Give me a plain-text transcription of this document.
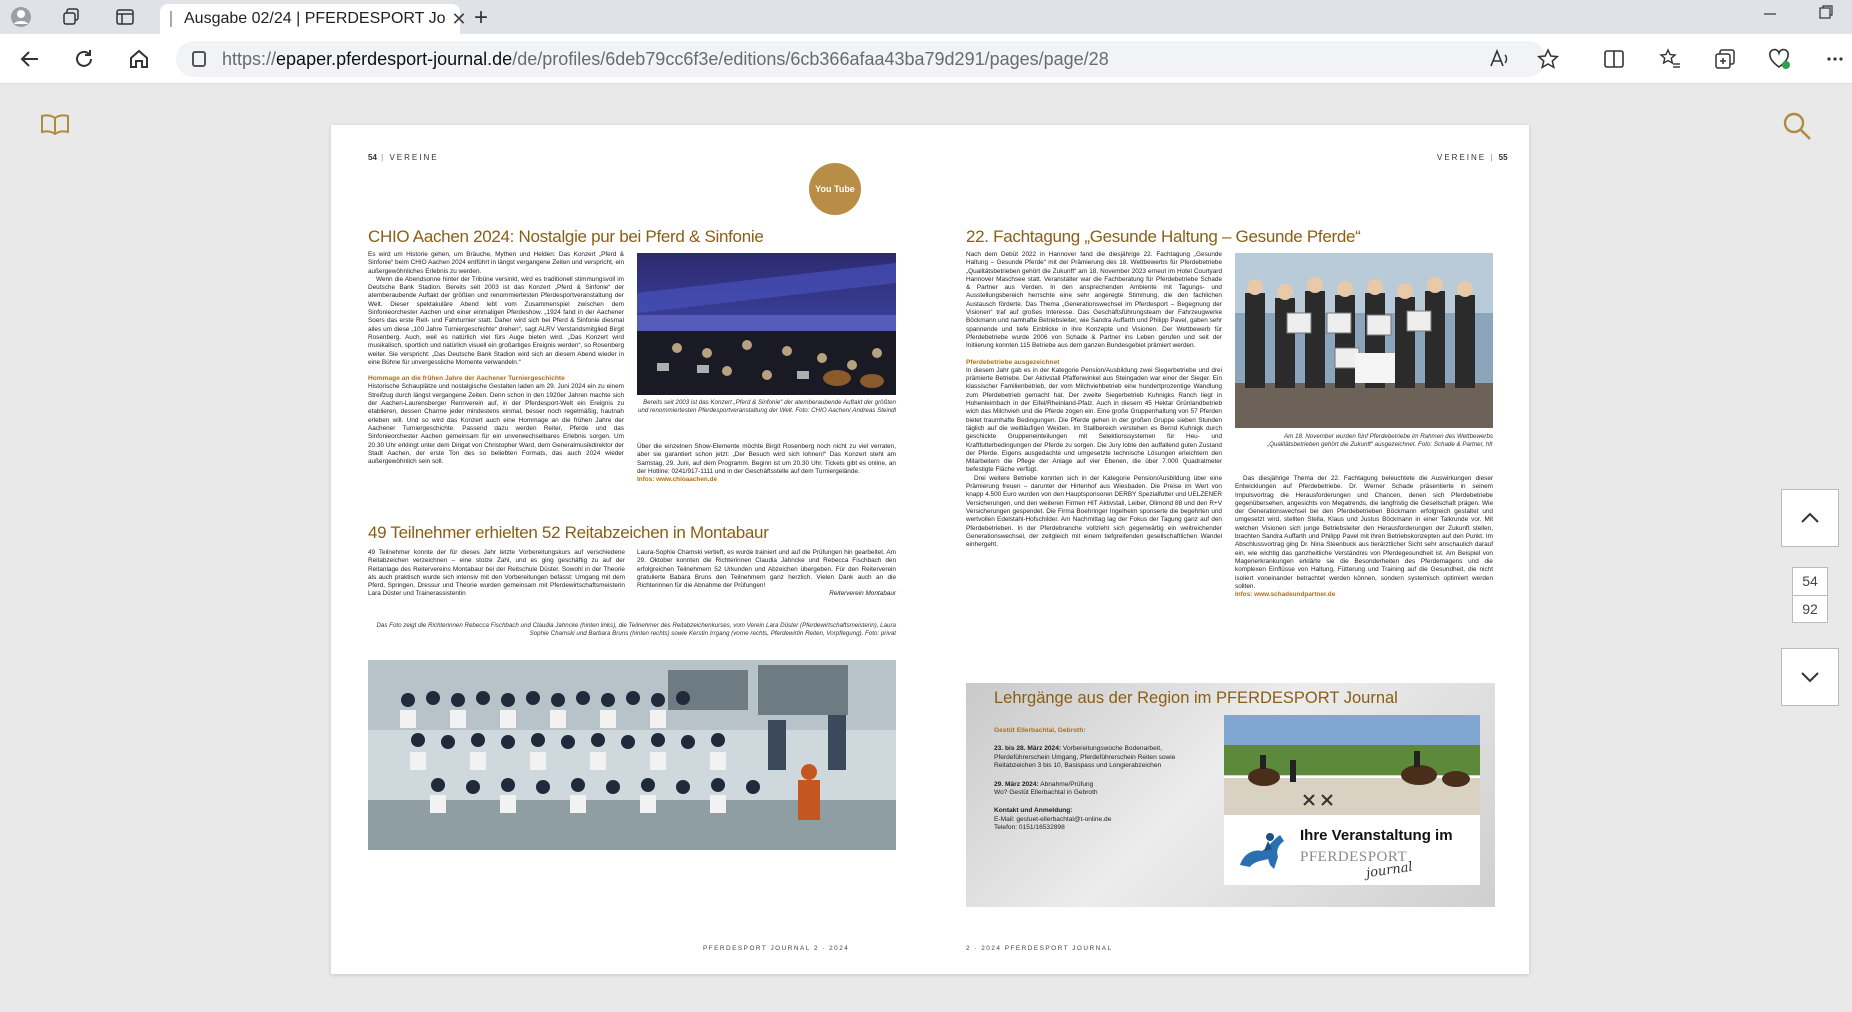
Ausgabe 02/24 | PFERDESPORT Jo ✕ +
https:// epaper.pferdesport-journal.de /de/profiles/6deb79cc6f3e/editions/6cb366afaa43ba79d291/pages/page/28
54 | VEREINE
You Tube
CHIO Aachen 2024: Nostalgie pur bei Pferd & Sinfonie

Es wird um Historie gehen, um Bräuche, Mythen und Helden: Das Konzert „Pferd & Sinfonie“ beim CHIO Aachen 2024 entführt in längst vergangene Zeiten und verspricht, ein außergewöhnliches Erlebnis zu werden.

Wenn die Abendsonne hinter der Tribüne versinkt, wird es traditionell stimmungsvoll im Deutsche Bank Stadion. Bereits seit 2003 ist das Konzert „Pferd & Sinfonie“ der atemberaubende Auftakt der größten und renommiertesten Pferdesportveranstaltung der Welt. Dieser spektakuläre Abend lebt vom Zusammenspiel zwischen dem Sinfonieorchester Aachen und einer einmaligen Pferdeshow. „1924 fand in der Aachener Soers das erste Reit- und Fahrturnier statt. Daher wird sich bei Pferd & Sinfonie diesmal alles um diese „100 Jahre Turniergeschichte“ drehen“, sagt ALRV Verstandsmitglied Birgit Rosenberg. Auch, weil es natürlich viel fürs Auge bieten wird. „Das Konzert wird musikalisch, sportlich und natürlich visuell ein großartiges Ereignis werden“, so Rosenberg weiter. Sie verspricht: „Das Deutsche Bank Stadion wird sich an diesem Abend wieder in eine Bühne für unvergessliche Momente verwandeln.“

Hommage an die frühen Jahre der Aachener Turniergeschichte

Historische Schauplätze und nostalgische Gestalten laden am 29. Juni 2024 ein zu einem Streifzug durch längst vergangene Zeiten. Denn schon in den 1920er Jahren machte sich der Aachen-Laurensberger Rennverein auf, in der Pferdesport-Welt ein Ereignis zu etablieren, dessen Charme jeder mindestens einmal, besser noch regelmäßig, hautnah erleben will. Und so wird das Konzert auch eine Hommage an die frühen Jahre der Aachener Turniergeschichte. Passend dazu werden Reiter, Pferde und das Sinfonieorchester Aachen gemeinsam für ein unverwechselbares Erlebnis sorgen. Um 20.30 Uhr erklingt unter dem Dirigat von Christopher Ward, dem Generalmusikdirektor der Stadt Aachen, der erste Ton des so beliebten Formats, das auch 2024 wieder außergewöhnlich sein soll.

Bereits seit 2003 ist das Konzert „Pferd & Sinfonie“ der atemberaubende Auftakt der größten und renommiertesten Pferdesportveranstaltung der Welt. Foto: CHIO Aachen/ Andreas Steindl

Über die einzelnen Show-Elemente möchte Birgit Rosenberg noch nicht zu viel verraten, aber sie garantiert schon jetzt: „Der Besuch wird sich lohnen!“ Das Konzert steht am Samstag, 29. Juni, auf dem Programm. Beginn ist um 20.30 Uhr. Tickets gibt es online, an der Hotline: 0241/917-1111 und in der Geschäftsstelle auf dem Turniergelände.

Infos: www.chioaachen.de

49 Teilnehmer erhielten 52 Reitabzeichen in Montabaur

49 Teilnehmer konnte der für dieses Jahr letzte Vorbereitungskurs auf verschiedene Reitabzeichen verzeichnen – eine stolze Zahl, und es ging geschäftig zu auf der Reitanlage des Reitervereins Montabaur bei der Reitschule Düster. Sowohl in der Theorie als auch praktisch wurde sich intensiv mit den Vorbereitungen befasst: Umgang mit dem Pferd, Springen, Dressur und Theorie wurden gemeinsam mit Pferdewirtschaftsmeisterin Lara Düster und Trainerassistentin

Laura-Sophie Chamski vertieft, es wurde trainiert und auf die Prüfungen hin gearbeitet. Am 29. Oktober konnten die Richterinnen Claudia Jahncke und Rebecca Fischbach den erfolgreichen Teilnehmern 52 Urkunden und Abzeichen übergeben. Für den Reiterverein gratulierte Babara Bruns den Teilnehmern ganz herzlich. Vielen Dank auch an die Richterinnen für die Abnahme der Prüfungen!

Reiterverein Montabaur

Das Foto zeigt die Richterinnen Rebecca Fischbach und Claudia Jahncke (hinten links), die Teilnehmer des Reitabzeichenkurses, vom Verein Lara Düster (Pferdewirtschaftsmeisterin), Laura Sophie Chamski und Barbara Bruns (hinten rechts) sowie Kerstin Irrgang (vorne rechts, Pferdewirtin Reiten, Vorpflegung). Foto: privat
PFERDESPORT JOURNAL 2 · 2024
VEREINE | 55
22. Fachtagung „Gesunde Haltung – Gesunde Pferde“

Nach dem Debüt 2022 in Hannover fand die diesjährige 22. Fachtagung „Gesunde Haltung – Gesunde Pferde“ mit der Prämierung des 18. Wettbewerbs für Pferdebetriebe „Qualitätsbetrieben gehört die Zukunft“ am 18. November 2023 erneut im Hotel Courtyard Hannover Maschsee statt. Veranstalter war die Fachberatung für Pferdebetriebe Schade & Partner aus Verden. In den ansprechenden Ambiente mit Tagungs- und Ausstellungsbereich herrschte eine sehr angeregte Stimmung, die den fachlichen Austausch förderte. Das Thema „Generationswechsel im Pferdesport – Begegnung der Visionen“ traf auf großes Interesse. Das Geschäftsführungsteam der Fahrzeugwerke Böckmann und namhafte Betriebsleiter, wie Sandra Auffarth und Philipp Pavel, gaben sehr spannende und tiefe Einblicke in ihre Konzepte und Visionen. Der Wettbewerb für Pferdebetriebe wurde 2006 von Schade & Partner ins Leben gerufen und seit der Initiierung konnten 115 Betriebe aus dem ganzen Bundesgebiet prämiert werden.

Pferdebetriebe ausgezeichnet

In diesem Jahr gab es in der Kategorie Pension/Ausbildung zwei Siegerbetriebe und drei prämierte Betriebe. Der Aktivstall Pfaffenwinkel aus Steingaden war einer der Sieger. Ein klassischer Familienbetrieb, der vom Milchviehbetrieb eine hundertprozentige Wandlung zum Pferdebetrieb gemacht hat. Der zweite Siegerbetrieb Kuhnigks Ranch liegt in Hohenleimbach in der Eifel/Rheinland-Pfalz. Auch in diesem 45 Hektar Grünlandbetrieb wich das Milchvieh und die Pferde zogen ein. Eine große Gruppenhaltung von 57 Pferden bietet traumhafte Bedingungen. Die Pferde gehen in der großen Gruppe sieben Stunden täglich auf die weitläufigen Weiden. Im Stallbereich verstehen es Bernd Kuhnigk durch geschickte Gruppeneinteilungen mit Selektionssystemen für Heu- und Kraftfutterbedingungen der Pferde zu sorgen. Die Jury lobte den auffallend guten Zustand der Pferde. Eigens ausgedachte und umgesetzte technische Lösungen erleichtern den Mitarbeitern die Pflege der Anlage auf vier Ebenen, die über 7.000 Quadratmeter befestigte Fläche verfügt.

Drei weitere Betriebe konnten sich in der Kategorie Pension/Ausbildung über eine Prämierung freuen – darunter der Hirtenhof aus Wiesbaden. Die Preise im Wert von knapp 4.500 Euro wurden von den Hauptsponsoren DERBY Spezialfutter und UELZENER Versicherungen, und den weiteren Firmen HIT Aktivstall, Leiber, Olimond 88 und den R+V Versicherungen gespendet. Die Firma Boehringer Ingelheim sponserte die begehrten und wertvollen Edelstahl-Hofschilder. Am Nachmittag lag der Fokus der Tagung ganz auf den Pferdebetrieben. In der Pferdebranche vollzieht sich gegenwärtig ein weitreichender Generationswechsel, der zeitgleich mit einem tiefgreifenden gesellschaftlichen Wandel einhergeht.

Am 18. November wurden fünf Pferdebetriebe im Rahmen des Wettbewerbs „Qualitätsbetrieben gehört die Zukunft“ ausgezeichnet. Foto: Schade & Partner, hfr

Das diesjährige Thema der 22. Fachtagung beleuchtete die Auswirkungen dieser Entwicklungen auf Pferdebetriebe. Dr. Werner Schade präsentierte in seinem Impulsvortrag die Herausforderungen und Chancen, denen sich Pferdebetriebe gegenübersehen, angesichts von Megatrends, die langfristig die Gesellschaft prägen. Wie der Generationswechsel bei den Pferdebetrieben Böckmann erfolgreich gestaltet und umgesetzt wird, stellten Stella, Klaus und Justus Böckmann in einer Talkrunde vor. Mit welchen Visionen sich junge Betriebsleiter den Herausforderungen der Zukunft stellen, brachten Sandra Auffarth und Philipp Pavel mit ihren Betriebskonzepten auf den Punkt. Im Abschlussvortrag ging Dr. Nina Steenbuck aus tierärztlicher Sicht sehr anschaulich darauf ein, wie wichtig das ganzheitliche Verständnis von Pferdegesundheit ist. Am Beispiel von Magenerkrankungen erklärte sie die Besonderheiten des Pferdemagens und die komplexen Einflüsse von Haltung, Fütterung und Training auf die Gesundheit, die nicht isoliert voneinander betrachtet werden können, sondern systemisch optimiert werden sollten.

Infos: www.schadeundpartner.de

Lehrgänge aus der Region im PFERDESPORT Journal
Gestüt Ellerbachtal, Gebroth:
23. bis 28. März 2024: Vorbereitungswoche Bodenarbeit, Pferdeführerschein Umgang, Pferdeführerschein Reiten sowie Reitabzeichen 3 bis 10, Basispass und Longierabzeichen
29. März 2024: Abnahme/Prüfung
Wo? Gestüt Ellerbachtal in Gebroth
Kontakt und Anmeldung:
E-Mail: gestuet-ellerbachtal@t-online.de
Telefon: 0151/16532898	Ihre Veranstaltung im
PFERDESPORT
journal
2 · 2024 PFERDESPORT JOURNAL
54
92
